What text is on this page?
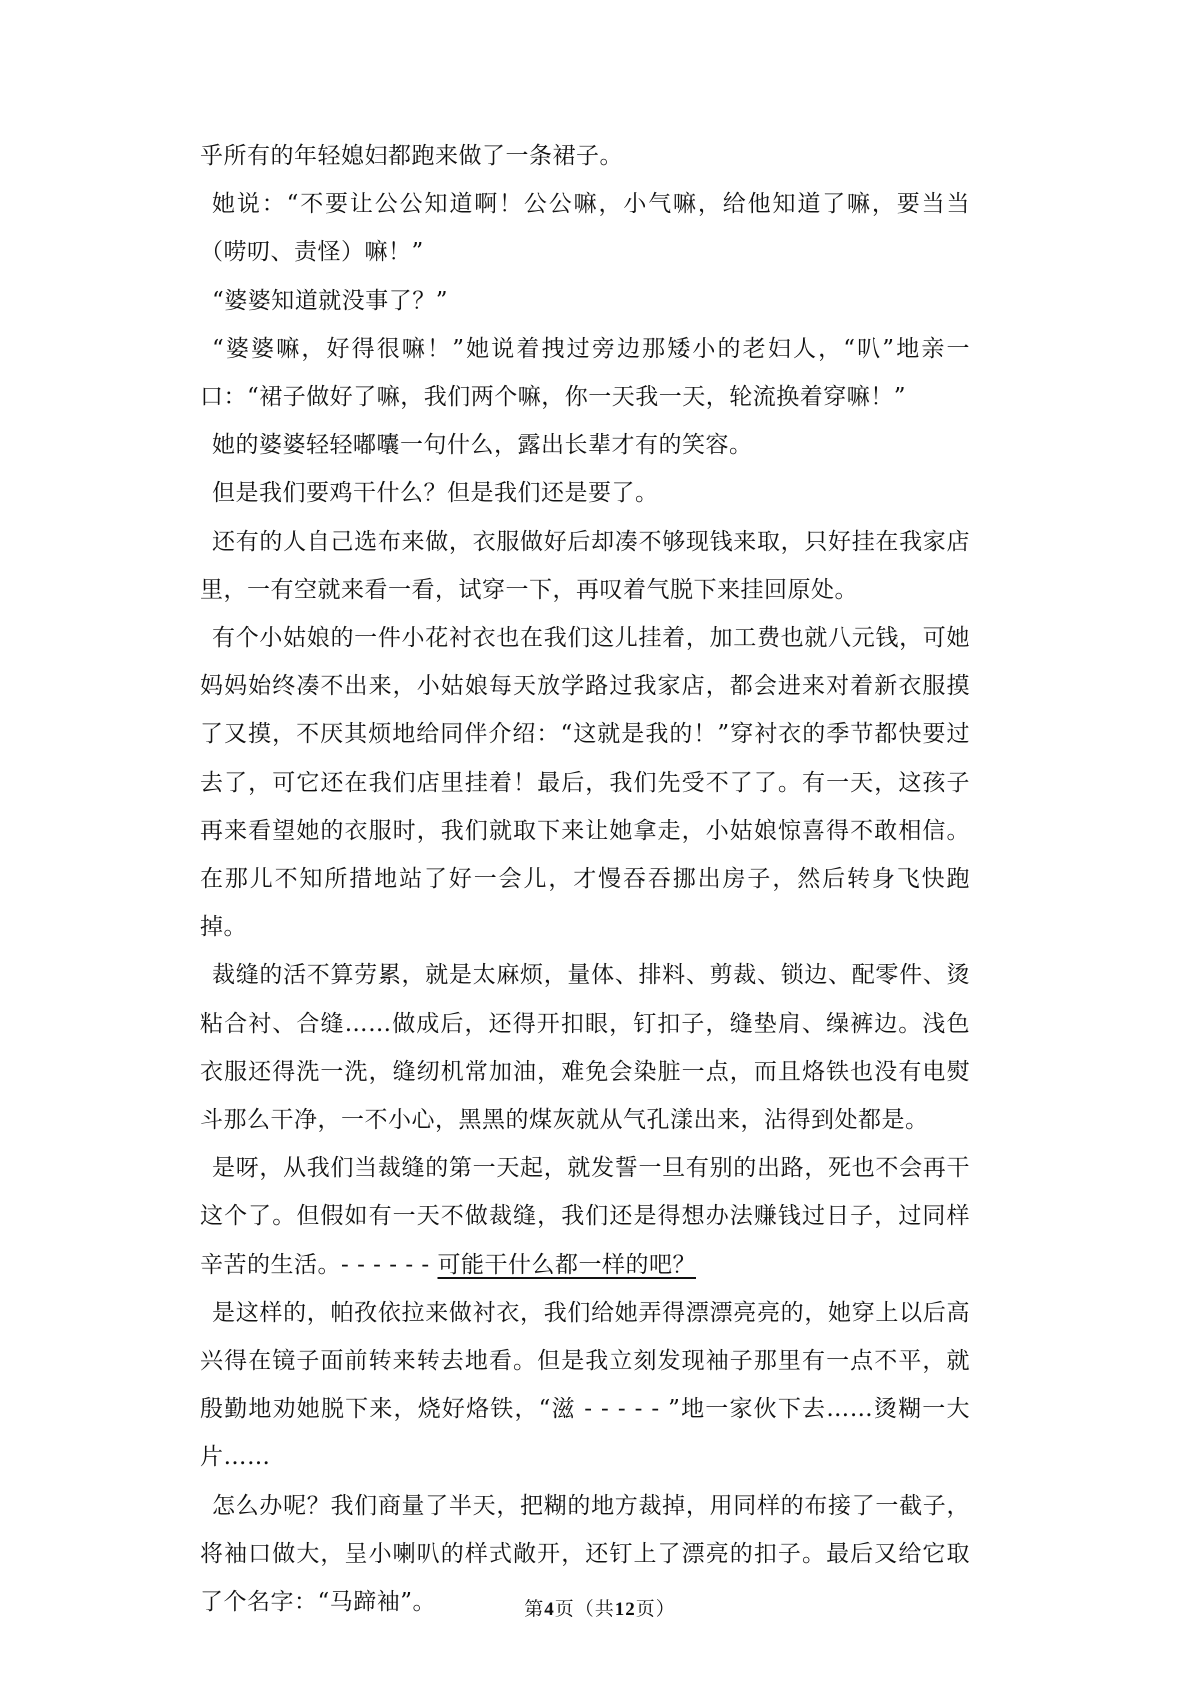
乎所有的年轻媳妇都跑来做了一条裙子。

她说：“不要让公公知道啊！公公嘛，小气嘛，给他知道了嘛，要当当（唠叨、责怪）嘛！”

“婆婆知道就没事了？”

“婆婆嘛，好得很嘛！”她说着拽过旁边那矮小的老妇人，“叭”地亲一口：“裙子做好了嘛，我们两个嘛，你一天我一天，轮流换着穿嘛！”

她的婆婆轻轻嘟囔一句什么，露出长辈才有的笑容。

但是我们要鸡干什么？但是我们还是要了。

还有的人自己选布来做，衣服做好后却凑不够现钱来取，只好挂在我家店里，一有空就来看一看，试穿一下，再叹着气脱下来挂回原处。

有个小姑娘的一件小花衬衣也在我们这儿挂着，加工费也就八元钱，可她妈妈始终凑不出来，小姑娘每天放学路过我家店，都会进来对着新衣服摸了又摸，不厌其烦地给同伴介绍：“这就是我的！”穿衬衣的季节都快要过去了，可它还在我们店里挂着！最后，我们先受不了了。有一天，这孩子再来看望她的衣服时，我们就取下来让她拿走，小姑娘惊喜得不敢相信。在那儿不知所措地站了好一会儿，才慢吞吞挪出房子，然后转身飞快跑掉。

裁缝的活不算劳累，就是太麻烦，量体、排料、剪裁、锁边、配零件、烫粘合衬、合缝……做成后，还得开扣眼，钉扣子，缝垫肩、缲裤边。浅色衣服还得洗一洗，缝纫机常加油，难免会染脏一点，而且烙铁也没有电熨斗那么干净，一不小心，黑黑的煤灰就从气孔漾出来，沾得到处都是。

是呀，从我们当裁缝的第一天起，就发誓一旦有别的出路，死也不会再干这个了。但假如有一天不做裁缝，我们还是得想办法赚钱过日子，过同样辛苦的生活。- - - - - - 可能干什么都一样的吧？

是这样的，帕孜依拉来做衬衣，我们给她弄得漂漂亮亮的，她穿上以后高兴得在镜子面前转来转去地看。但是我立刻发现袖子那里有一点不平，就殷勤地劝她脱下来，烧好烙铁，“滋 - - - - - ”地一家伙下去……烫糊一大片……

怎么办呢？我们商量了半天，把糊的地方裁掉，用同样的布接了一截子，将袖口做大，呈小喇叭的样式敞开，还钉上了漂亮的扣子。最后又给它取了个名字：“马蹄袖”。	第4页（共12页）
